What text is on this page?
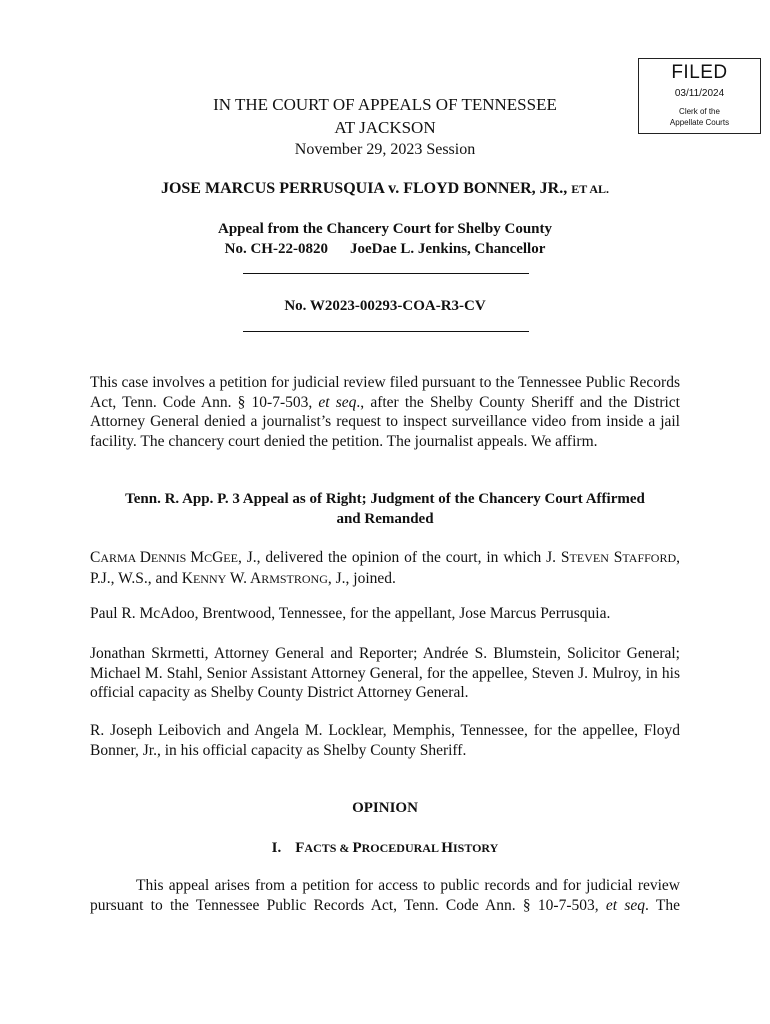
FILED
03/11/2024
Clerk of the
Appellate Courts
IN THE COURT OF APPEALS OF TENNESSEE
AT JACKSON
November 29, 2023 Session
JOSE MARCUS PERRUSQUIA v. FLOYD BONNER, JR., ET AL.
Appeal from the Chancery Court for Shelby County
No. CH-22-0820 JoeDae L. Jenkins, Chancellor
No. W2023-00293-COA-R3-CV
This case involves a petition for judicial review filed pursuant to the Tennessee Public Records Act, Tenn. Code Ann. § 10-7-503, et seq., after the Shelby County Sheriff and the District Attorney General denied a journalist’s request to inspect surveillance video from inside a jail facility. The chancery court denied the petition. The journalist appeals. We affirm.
Tenn. R. App. P. 3 Appeal as of Right; Judgment of the Chancery Court Affirmed
and Remanded
CARMA DENNIS MCGEE, J., delivered the opinion of the court, in which J. STEVEN STAFFORD, P.J., W.S., and KENNY W. ARMSTRONG, J., joined.
Paul R. McAdoo, Brentwood, Tennessee, for the appellant, Jose Marcus Perrusquia.
Jonathan Skrmetti, Attorney General and Reporter; Andrée S. Blumstein, Solicitor General; Michael M. Stahl, Senior Assistant Attorney General, for the appellee, Steven J. Mulroy, in his official capacity as Shelby County District Attorney General.
R. Joseph Leibovich and Angela M. Locklear, Memphis, Tennessee, for the appellee, Floyd Bonner, Jr., in his official capacity as Shelby County Sheriff.
OPINION
I. FACTS & PROCEDURAL HISTORY
This appeal arises from a petition for access to public records and for judicial review pursuant to the Tennessee Public Records Act, Tenn. Code Ann. § 10-7-503, et seq. The
